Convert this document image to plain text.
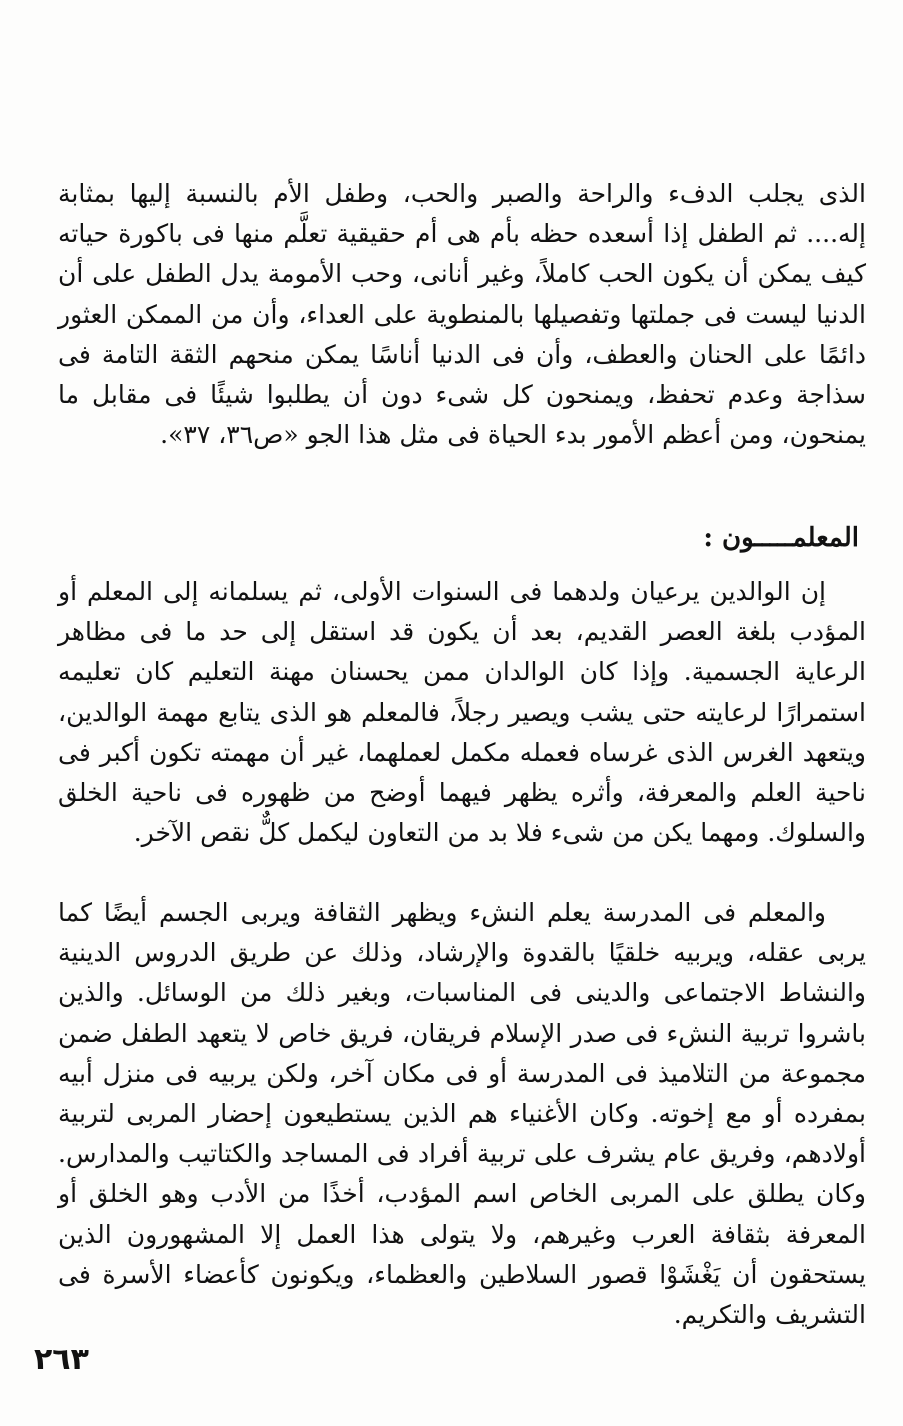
الذى يجلب الدفء والراحة والصبر والحب، وطفل الأم بالنسبة إليها بمثابة إله.... ثم الطفل إذا أسعده حظه بأم هى أم حقيقية تعلَّم منها فى باكورة حياته كيف يمكن أن يكون الحب كاملاً، وغير أنانى، وحب الأمومة يدل الطفل على أن الدنيا ليست فى جملتها وتفصيلها بالمنطوية على العداء، وأن من الممكن العثور دائمًا على الحنان والعطف، وأن فى الدنيا أناسًا يمكن منحهم الثقة التامة فى سذاجة وعدم تحفظ، ويمنحون كل شىء دون أن يطلبوا شيئًا فى مقابل ما يمنحون، ومن أعظم الأمور بدء الحياة فى مثل هذا الجو «ص٣٦، ٣٧».

المعلمـــــون :

إن الوالدين يرعيان ولدهما فى السنوات الأولى، ثم يسلمانه إلى المعلم أو المؤدب بلغة العصر القديم، بعد أن يكون قد استقل إلى حد ما فى مظاهر الرعاية الجسمية. وإذا كان الوالدان ممن يحسنان مهنة التعليم كان تعليمه استمرارًا لرعايته حتى يشب ويصير رجلاً، فالمعلم هو الذى يتابع مهمة الوالدين، ويتعهد الغرس الذى غرساه فعمله مكمل لعملهما، غير أن مهمته تكون أكبر فى ناحية العلم والمعرفة، وأثره يظهر فيهما أوضح من ظهوره فى ناحية الخلق والسلوك. ومهما يكن من شىء فلا بد من التعاون ليكمل كلٌّ نقص الآخر.

والمعلم فى المدرسة يعلم النشء ويظهر الثقافة ويربى الجسم أيضًا كما يربى عقله، ويربيه خلقيًا بالقدوة والإرشاد، وذلك عن طريق الدروس الدينية والنشاط الاجتماعى والدينى فى المناسبات، وبغير ذلك من الوسائل. والذين باشروا تربية النشء فى صدر الإسلام فريقان، فريق خاص لا يتعهد الطفل ضمن مجموعة من التلاميذ فى المدرسة أو فى مكان آخر، ولكن يربيه فى منزل أبيه بمفرده أو مع إخوته. وكان الأغنياء هم الذين يستطيعون إحضار المربى لتربية أولادهم، وفريق عام يشرف على تربية أفراد فى المساجد والكتاتيب والمدارس. وكان يطلق على المربى الخاص اسم المؤدب، أخذًا من الأدب وهو الخلق أو المعرفة بثقافة العرب وغيرهم، ولا يتولى هذا العمل إلا المشهورون الذين يستحقون أن يَغْشَوْا قصور السلاطين والعظماء، ويكونون كأعضاء الأسرة فى التشريف والتكريم.

٢٦٣
